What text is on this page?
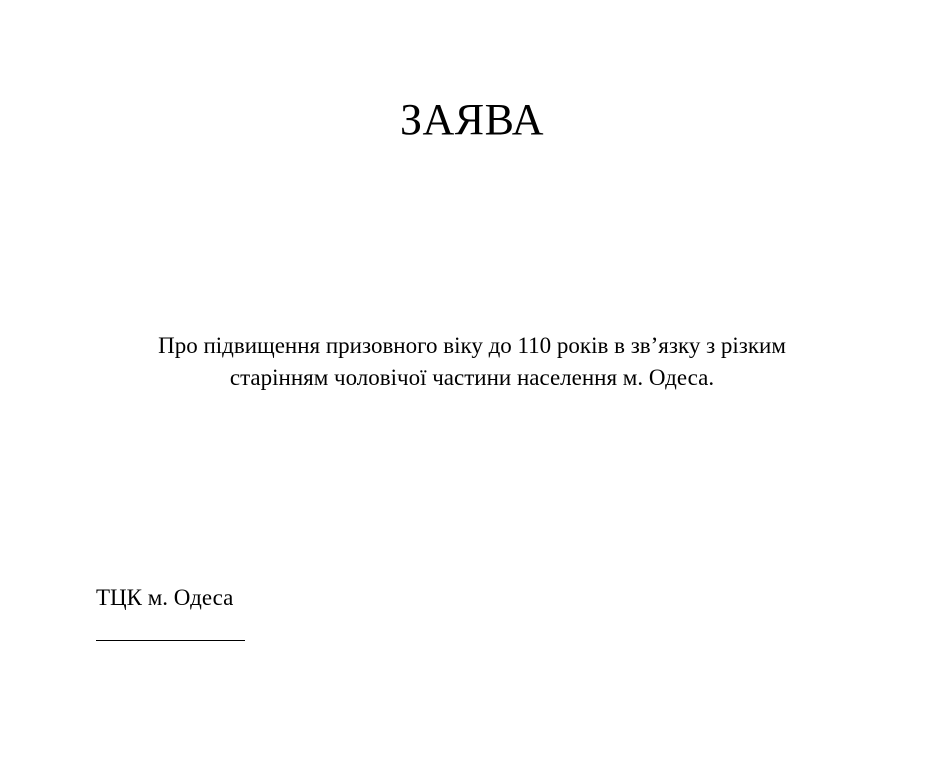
ЗАЯВА

Про підвищення призовного віку до 110 років в зв’язку з різким
старінням чоловічої частини населення м. Одеса.

ТЦК м. Одеса
